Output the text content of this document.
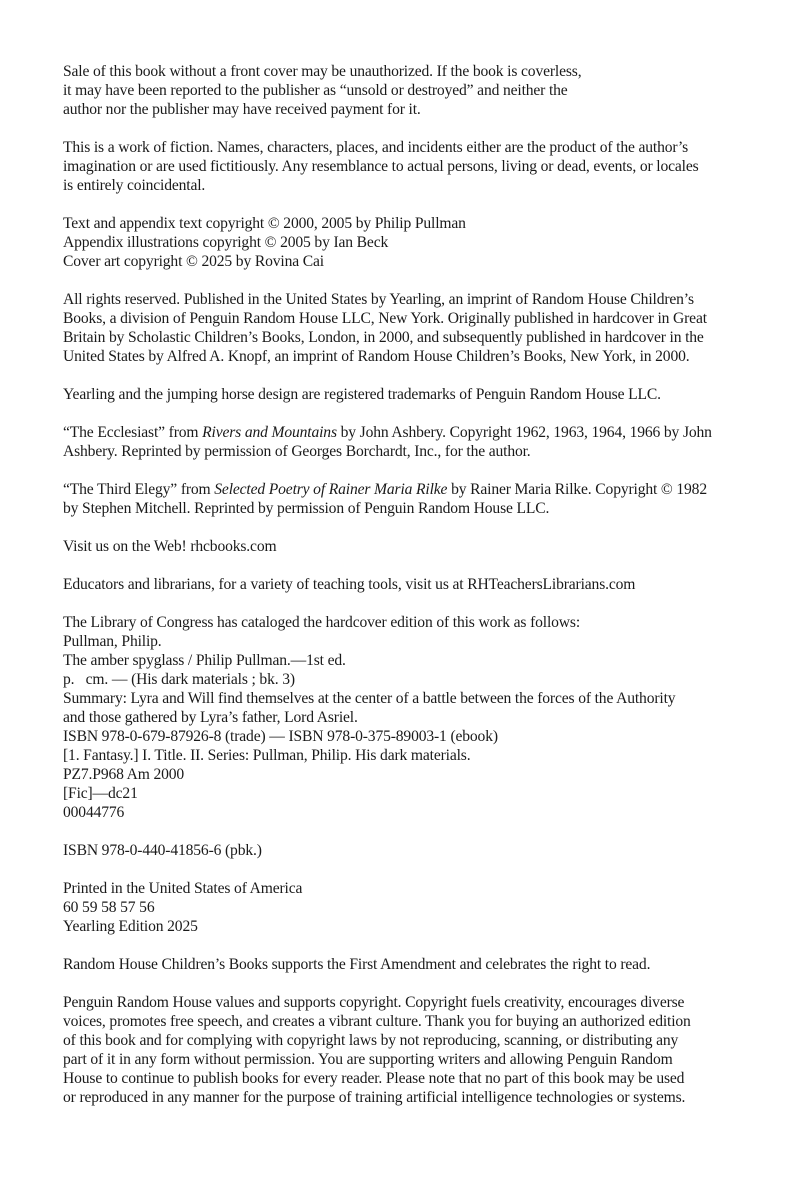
Sale of this book without a front cover may be unauthorized. If the book is coverless,
it may have been reported to the publisher as “unsold or destroyed” and neither the
author nor the publisher may have received payment for it.
This is a work of fiction. Names, characters, places, and incidents either are the product of the author’s
imagination or are used fictitiously. Any resemblance to actual persons, living or dead, events, or locales
is entirely coincidental.
Text and appendix text copyright © 2000, 2005 by Philip Pullman
Appendix illustrations copyright © 2005 by Ian Beck
Cover art copyright © 2025 by Rovina Cai
All rights reserved. Published in the United States by Yearling, an imprint of Random House Children’s
Books, a division of Penguin Random House LLC, New York. Originally published in hardcover in Great
Britain by Scholastic Children’s Books, London, in 2000, and subsequently published in hardcover in the
United States by Alfred A. Knopf, an imprint of Random House Children’s Books, New York, in 2000.
Yearling and the jumping horse design are registered trademarks of Penguin Random House LLC.
“The Ecclesiast” from Rivers and Mountains by John Ashbery. Copyright 1962, 1963, 1964, 1966 by John
Ashbery. Reprinted by permission of Georges Borchardt, Inc., for the author.
“The Third Elegy” from Selected Poetry of Rainer Maria Rilke by Rainer Maria Rilke. Copyright © 1982
by Stephen Mitchell. Reprinted by permission of Penguin Random House LLC.
Visit us on the Web! rhcbooks.com
Educators and librarians, for a variety of teaching tools, visit us at RHTeachersLibrarians.com
The Library of Congress has cataloged the hardcover edition of this work as follows:
Pullman, Philip.
The amber spyglass / Philip Pullman.—1st ed.
p.   cm. — (His dark materials ; bk. 3)
Summary: Lyra and Will find themselves at the center of a battle between the forces of the Authority
and those gathered by Lyra’s father, Lord Asriel.
ISBN 978-0-679-87926-8 (trade) — ISBN 978-0-375-89003-1 (ebook)
[1. Fantasy.] I. Title. II. Series: Pullman, Philip. His dark materials.
PZ7.P968 Am 2000
[Fic]—dc21
00044776
ISBN 978-0-440-41856-6 (pbk.)
Printed in the United States of America
60 59 58 57 56
Yearling Edition 2025
Random House Children’s Books supports the First Amendment and celebrates the right to read.
Penguin Random House values and supports copyright. Copyright fuels creativity, encourages diverse
voices, promotes free speech, and creates a vibrant culture. Thank you for buying an authorized edition
of this book and for complying with copyright laws by not reproducing, scanning, or distributing any
part of it in any form without permission. You are supporting writers and allowing Penguin Random
House to continue to publish books for every reader. Please note that no part of this book may be used
or reproduced in any manner for the purpose of training artificial intelligence technologies or systems.
